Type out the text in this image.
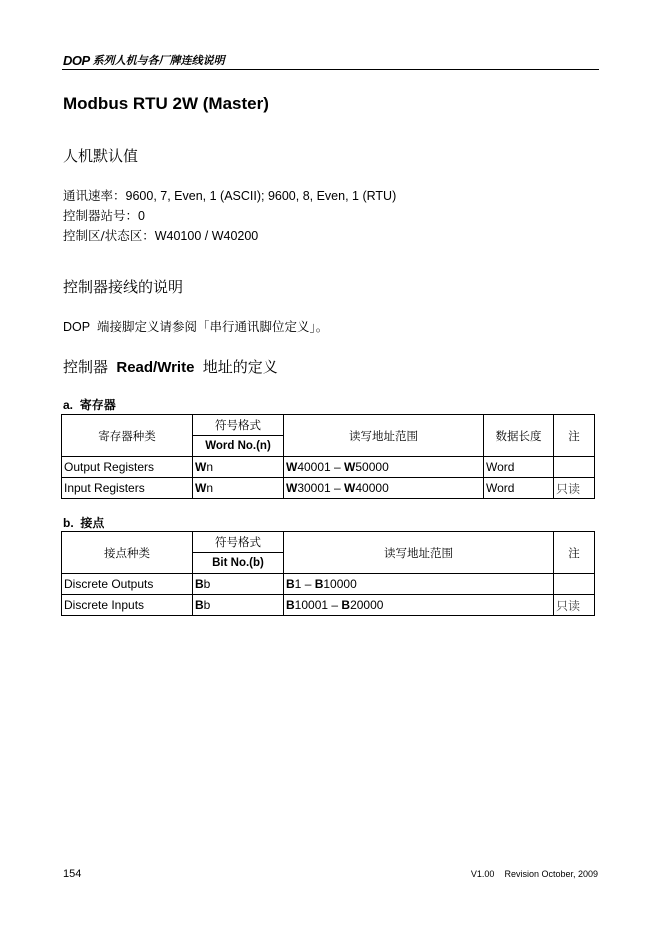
DOP 系列人机与各厂牌连线说明
Modbus RTU 2W (Master)
人机默认值
通讯速率：9600, 7, Even, 1 (ASCII); 9600, 8, Even, 1 (RTU)
控制器站号：0
控制区/状态区：W40100 / W40200
控制器接线的说明
DOP 端接脚定义请参阅「串行通讯脚位定义」。
控制器 Read/Write 地址的定义
a. 寄存器
寄存器种类	符号格式	读写地址范围	数据长度	注
	Word No.(n)			
Output Registers	Wn	W40001 – W50000	Word	
Input Registers	Wn	W30001 – W40000	Word	只读
b. 接点
接点种类	符号格式	读写地址范围	注
	Bit No.(b)		
Discrete Outputs	Bb	B1 – B10000	
Discrete Inputs	Bb	B10001 – B20000	只读
154	V1.00    Revision October, 2009
